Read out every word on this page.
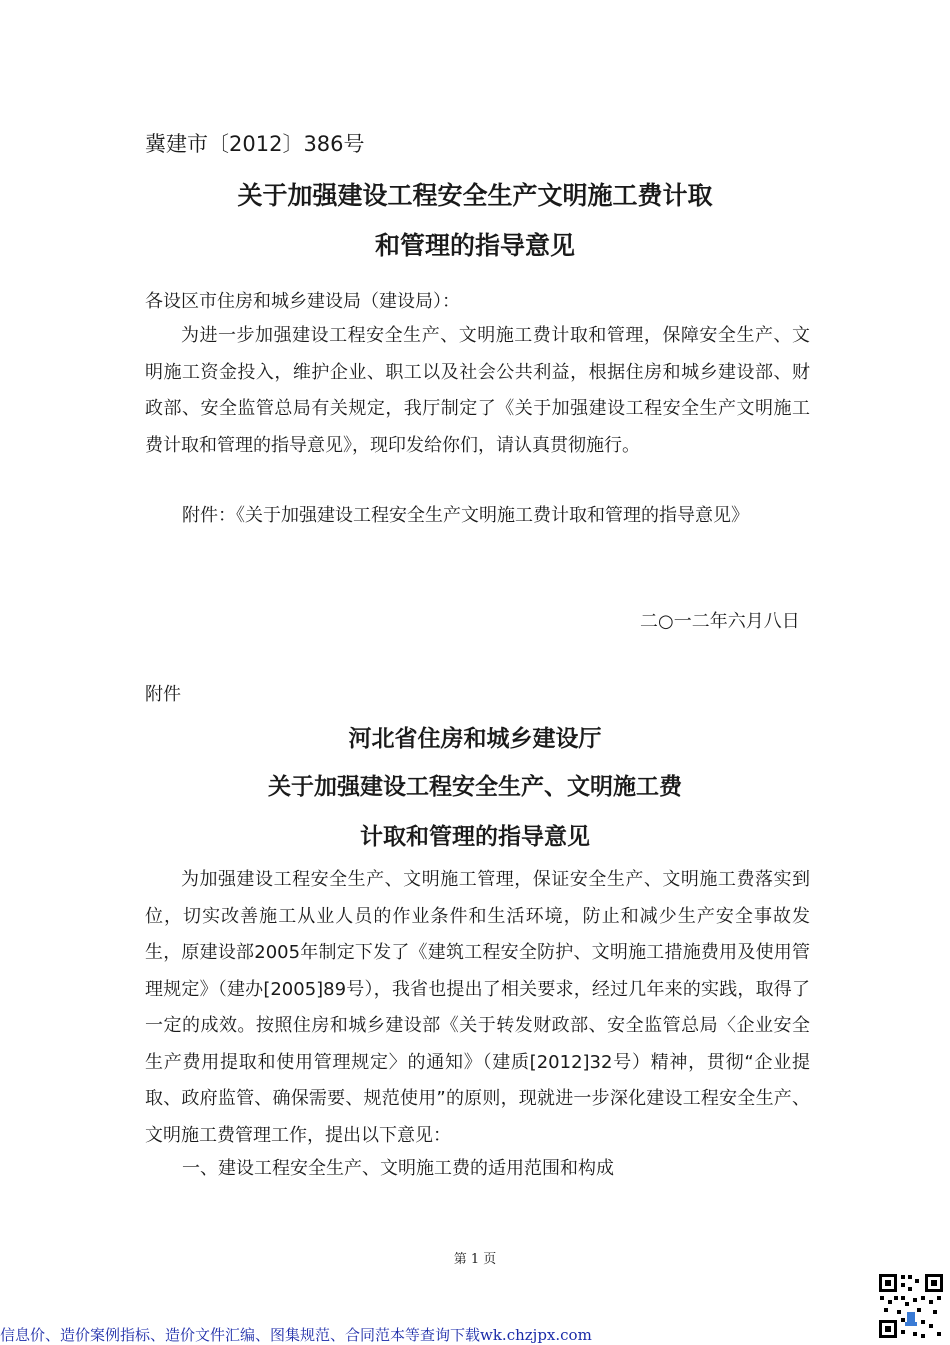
冀建市〔2012〕386号
关于加强建设工程安全生产文明施工费计取
和管理的指导意见
各设区市住房和城乡建设局（建设局）：
为进一步加强建设工程安全生产、文明施工费计取和管理，保障安全生产、文明施工资金投入，维护企业、职工以及社会公共利益，根据住房和城乡建设部、财政部、安全监管总局有关规定，我厅制定了《关于加强建设工程安全生产文明施工费计取和管理的指导意见》，现印发给你们，请认真贯彻施行。
附件：《关于加强建设工程安全生产文明施工费计取和管理的指导意见》
二○一二年六月八日
附件
河北省住房和城乡建设厅
关于加强建设工程安全生产、文明施工费
计取和管理的指导意见
为加强建设工程安全生产、文明施工管理，保证安全生产、文明施工费落实到位，切实改善施工从业人员的作业条件和生活环境，防止和减少生产安全事故发生，原建设部2005年制定下发了《建筑工程安全防护、文明施工措施费用及使用管理规定》（建办[2005]89号），我省也提出了相关要求，经过几年来的实践，取得了一定的成效。按照住房和城乡建设部《关于转发财政部、安全监管总局〈企业安全生产费用提取和使用管理规定〉的通知》（建质[2012]32号）精神，贯彻“企业提取、政府监管、确保需要、规范使用”的原则，现就进一步深化建设工程安全生产、文明施工费管理工作，提出以下意见：
一、建设工程安全生产、文明施工费的适用范围和构成
第 1 页
信息价、造价案例指标、造价文件汇编、图集规范、合同范本等查询下载wk.chzjpx.com
